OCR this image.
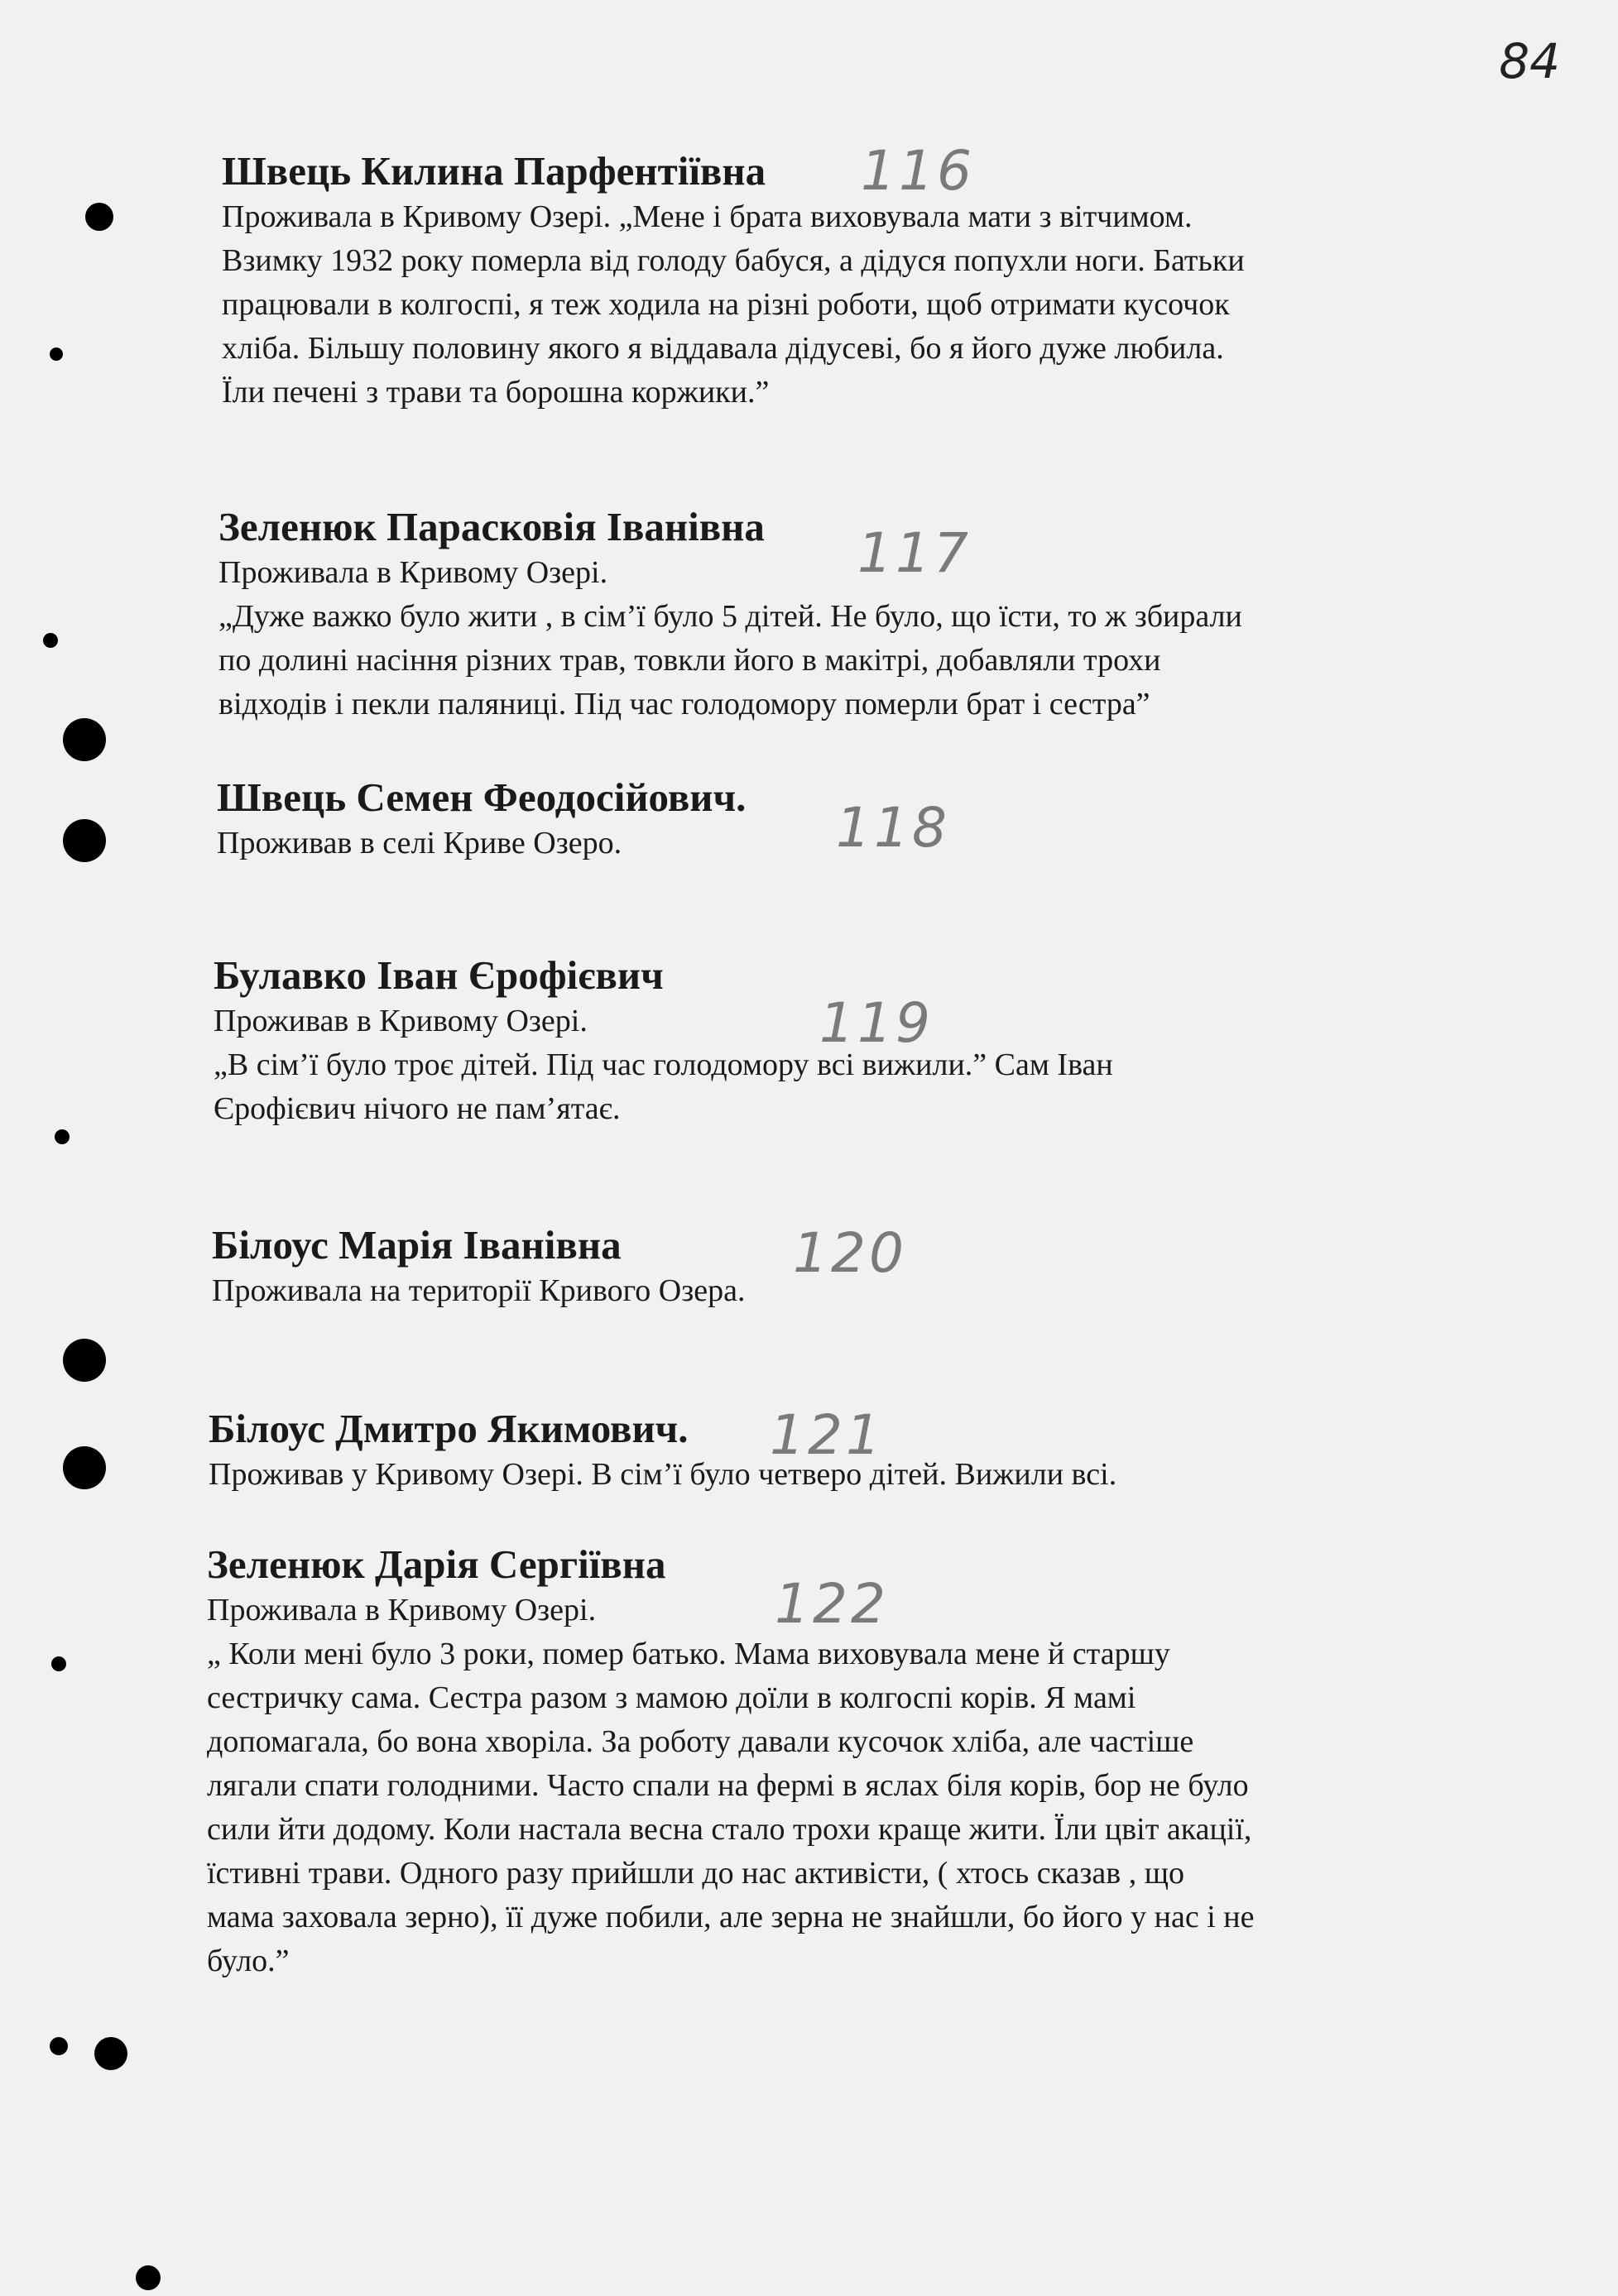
84

Швець Килина Парфентіївна

Проживала в Кривому Озері. „Мене і брата виховувала мати з вітчимом.
Взимку 1932 року померла від голоду бабуся, а дідуся попухли ноги. Батьки
працювали в колгоспі, я теж ходила на різні роботи, щоб отримати кусочок
хліба. Більшу половину якого я віддавала дідусеві, бо я його дуже любила.
Їли печені з трави та борошна коржики.”

116

Зеленюк Парасковія Іванівна

Проживала в Кривому Озері.
„Дуже важко було жити , в сім’ї було 5 дітей. Не було, що їсти, то ж збирали
по долині насіння різних трав, товкли його в макітрі, добавляли трохи
відходів і пекли паляниці. Під час голодомору померли брат і сестра”

117

Швець Семен Феодосійович.

Проживав в селі Криве Озеро.	118

Булавко Іван Єрофієвич

Проживав в Кривому Озері.
„В сім’ї було троє дітей. Під час голодомору всі вижили.” Сам Іван
Єрофієвич нічого не пам’ятає.

119

Білоус Марія Іванівна

Проживала на території Кривого Озера.

120

Білоус Дмитро Якимович.

Проживав у Кривому Озері. В сім’ї було четверо дітей. Вижили всі.

121

Зеленюк Дарія Сергіївна

Проживала в Кривому Озері.
„ Коли мені було 3 роки, помер батько. Мама виховувала мене й старшу
сестричку сама. Сестра разом з мамою доїли в колгоспі корів. Я мамі
допомагала, бо вона хворіла. За роботу давали кусочок хліба, але частіше
лягали спати голодними. Часто спали на фермі в яслах біля корів, бор не було
сили йти додому. Коли настала весна стало трохи краще жити. Їли цвіт акації,
їстивні трави. Одного разу прийшли до нас активісти, ( хтось сказав , що
мама заховала зерно), її дуже побили, але зерна не знайшли, бо його у нас і не
було.”

122
